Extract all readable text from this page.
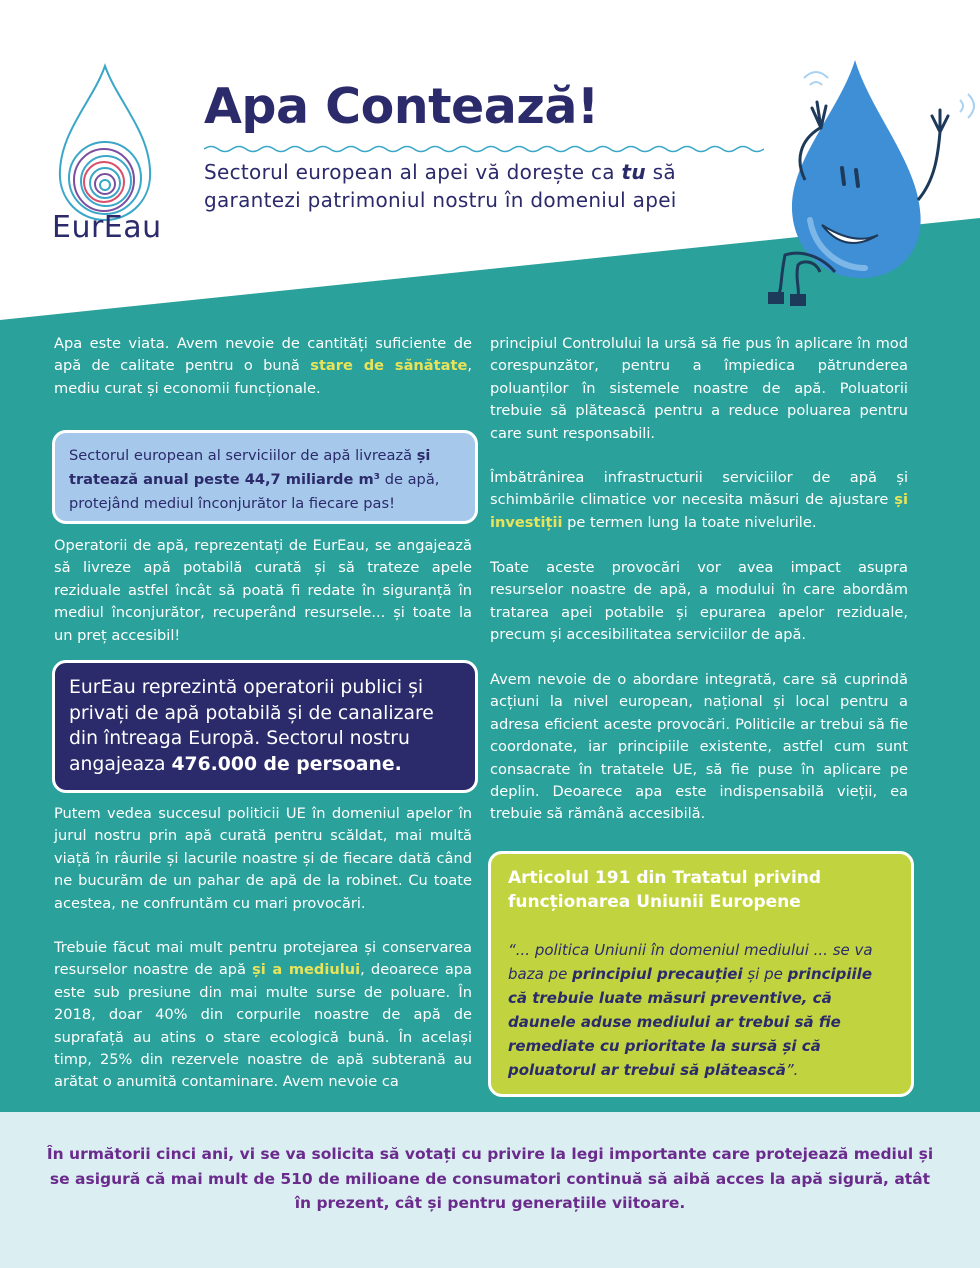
EurEau
Apa Contează!
Sectorul european al apei vă dorește ca tu să garantezi patrimoniul nostru în domeniul apei
Apa este viata. Avem nevoie de cantități suficiente de apă de calitate pentru o bună stare de sănătate, mediu curat și economii funcționale.
Sectorul european al serviciilor de apă livrează și tratează anual peste 44,7 miliarde m³ de apă, protejând mediul înconjurător la fiecare pas!
Operatorii de apă, reprezentați de EurEau, se angajează să livreze apă potabilă curată și să trateze apele reziduale astfel încât să poată fi redate în siguranță în mediul înconjurător, recuperând resursele... și toate la un preț accesibil!
EurEau reprezintă operatorii publici și privați de apă potabilă și de canalizare din întreaga Europă. Sectorul nostru angajeaza 476.000 de persoane.
Putem vedea succesul politicii UE în domeniul apelor în jurul nostru prin apă curată pentru scăldat, mai multă viață în râurile și lacurile noastre și de fiecare dată când ne bucurăm de un pahar de apă de la robinet. Cu toate acestea, ne confruntăm cu mari provocări.
Trebuie făcut mai mult pentru protejarea și conservarea resurselor noastre de apă și a mediului, deoarece apa este sub presiune din mai multe surse de poluare. În 2018, doar 40% din corpurile noastre de apă de suprafață au atins o stare ecologică bună. În același timp, 25% din rezervele noastre de apă subterană au arătat o anumită contaminare. Avem nevoie ca
principiul Controlului la ursă să fie pus în aplicare în mod corespunzător, pentru a împiedica pătrunderea poluanților în sistemele noastre de apă. Poluatorii trebuie să plătească pentru a reduce poluarea pentru care sunt responsabili.
Îmbătrânirea infrastructurii serviciilor de apă și schimbările climatice vor necesita măsuri de ajustare și investiții pe termen lung la toate nivelurile.
Toate aceste provocări vor avea impact asupra resurselor noastre de apă, a modului în care abordăm tratarea apei potabile și epurarea apelor reziduale, precum și accesibilitatea serviciilor de apă.
Avem nevoie de o abordare integrată, care să cuprindă acțiuni la nivel european, național și local pentru a adresa eficient aceste provocări. Politicile ar trebui să fie coordonate, iar principiile existente, astfel cum sunt consacrate în tratatele UE, să fie puse în aplicare pe deplin. Deoarece apa este indispensabilă vieții, ea trebuie să rămână accesibilă.
Articolul 191 din Tratatul privind funcționarea Uniunii Europene
“... politica Uniunii în domeniul mediului ... se va baza pe principiul precauției și pe principiile că trebuie luate măsuri preventive, că daunele aduse mediului ar trebui să fie remediate cu prioritate la sursă și că poluatorul ar trebui să plătească”.
În următorii cinci ani, vi se va solicita să votați cu privire la legi importante care protejează mediul și se asigură că mai mult de 510 de milioane de consumatori continuă să aibă acces la apă sigură, atât în prezent, cât și pentru generațiile viitoare.
